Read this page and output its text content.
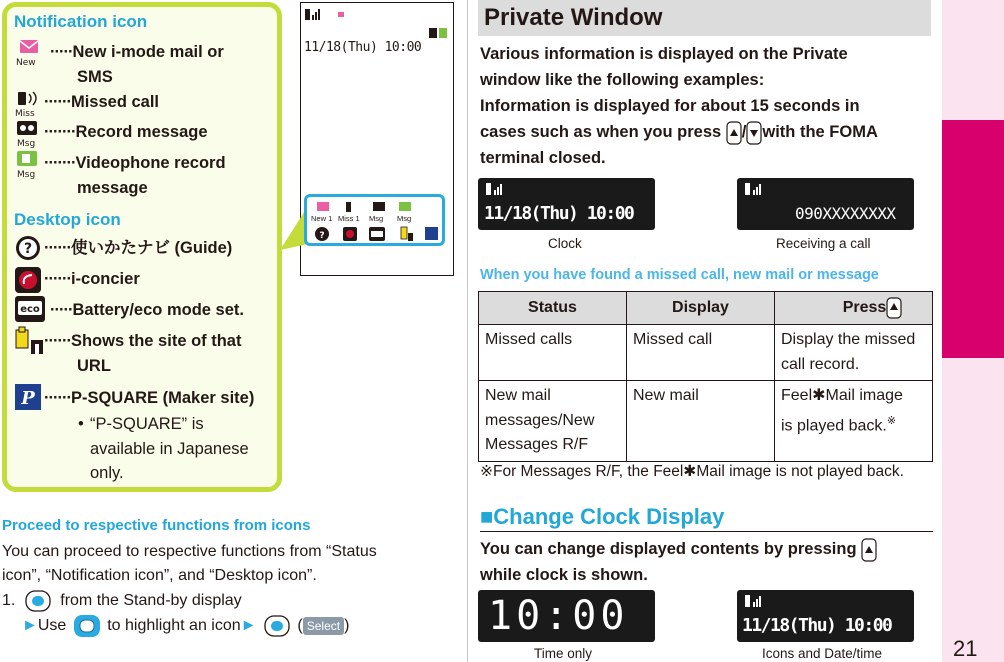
Notification icon
New
·····New i-mode mail or
SMS
Miss
······Missed call
Msg
·······Record message
Msg
·······Videophone record
message
Desktop icon
? ······使いかたナビ (Guide)
······i-concier
eco ·····Battery/eco mode set.
······Shows the site of that
URL
P ······P-SQUARE (Maker site)
• “P-SQUARE” is
available in Japanese
only.
11/18(Thu) 10:00
New 1 Miss 1 Msg Msg
?
Proceed to respective functions from icons
You can proceed to respective functions from “Status
icon”, “Notification icon”, and “Desktop icon”.
1.	from the Stand-by display
►Use	to highlight an icon►	( Select )
Private Window
Various information is displayed on the Private
window like the following examples:
Information is displayed for about 15 seconds in
cases such as when you press / with the FOMA
terminal closed.
11/18(Thu) 10:00
Clock
090XXXXXXXX
Receiving a call
When you have found a missed call, new mail or message
Status	Display	Press
Missed calls	Missed call	Display the missed
call record.
New mail
messages/New
Messages R/F	New mail	Feel✱Mail image
is played back.※
※For Messages R/F, the Feel✱Mail image is not played back.
■Change Clock Display
You can change displayed contents by pressing
while clock is shown.
10:00
Time only
11/18(Thu) 10:00
Icons and Date/time
Basic Operation
21
